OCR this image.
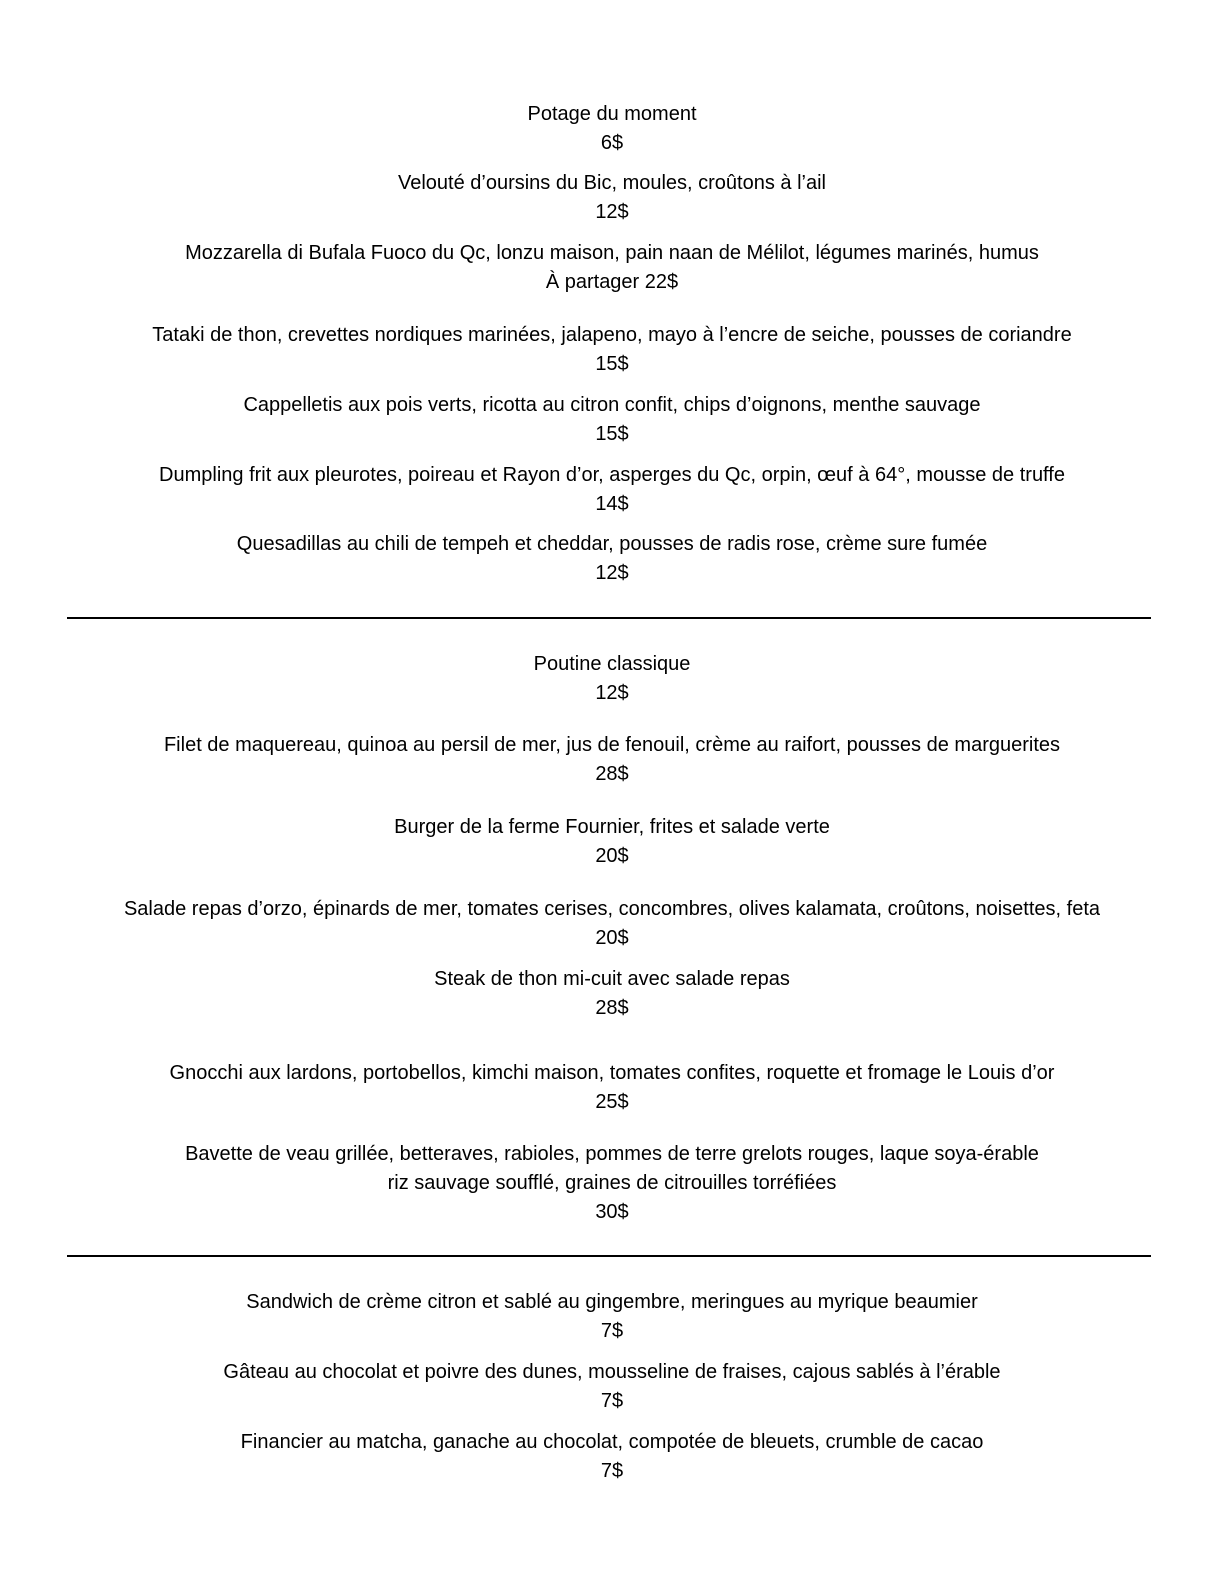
Potage du moment
6$
Velouté d’oursins du Bic, moules, croûtons à l’ail
12$
Mozzarella di Bufala Fuoco du Qc, lonzu maison, pain naan de Mélilot, légumes marinés, humus
À partager 22$
Tataki de thon, crevettes nordiques marinées, jalapeno, mayo à l’encre de seiche, pousses de coriandre
15$
Cappelletis aux pois verts, ricotta au citron confit, chips d’oignons, menthe sauvage
15$
Dumpling frit aux pleurotes, poireau et Rayon d’or, asperges du Qc, orpin, œuf à 64°, mousse de truffe
14$
Quesadillas au chili de tempeh et cheddar, pousses de radis rose, crème sure fumée
12$
Poutine classique
12$
Filet de maquereau, quinoa au persil de mer, jus de fenouil, crème au raifort, pousses de marguerites
28$
Burger de la ferme Fournier, frites et salade verte
20$
Salade repas d’orzo, épinards de mer, tomates cerises, concombres, olives kalamata, croûtons, noisettes, feta
20$
Steak de thon mi-cuit avec salade repas
28$
Gnocchi aux lardons, portobellos, kimchi maison, tomates confites, roquette et fromage le Louis d’or
25$
Bavette de veau grillée, betteraves, rabioles, pommes de terre grelots rouges, laque soya-érable
riz sauvage soufflé, graines de citrouilles torréfiées
30$
Sandwich de crème citron et sablé au gingembre, meringues au myrique beaumier
7$
Gâteau au chocolat et poivre des dunes, mousseline de fraises, cajous sablés à l’érable
7$
Financier au matcha, ganache au chocolat, compotée de bleuets, crumble de cacao
7$
